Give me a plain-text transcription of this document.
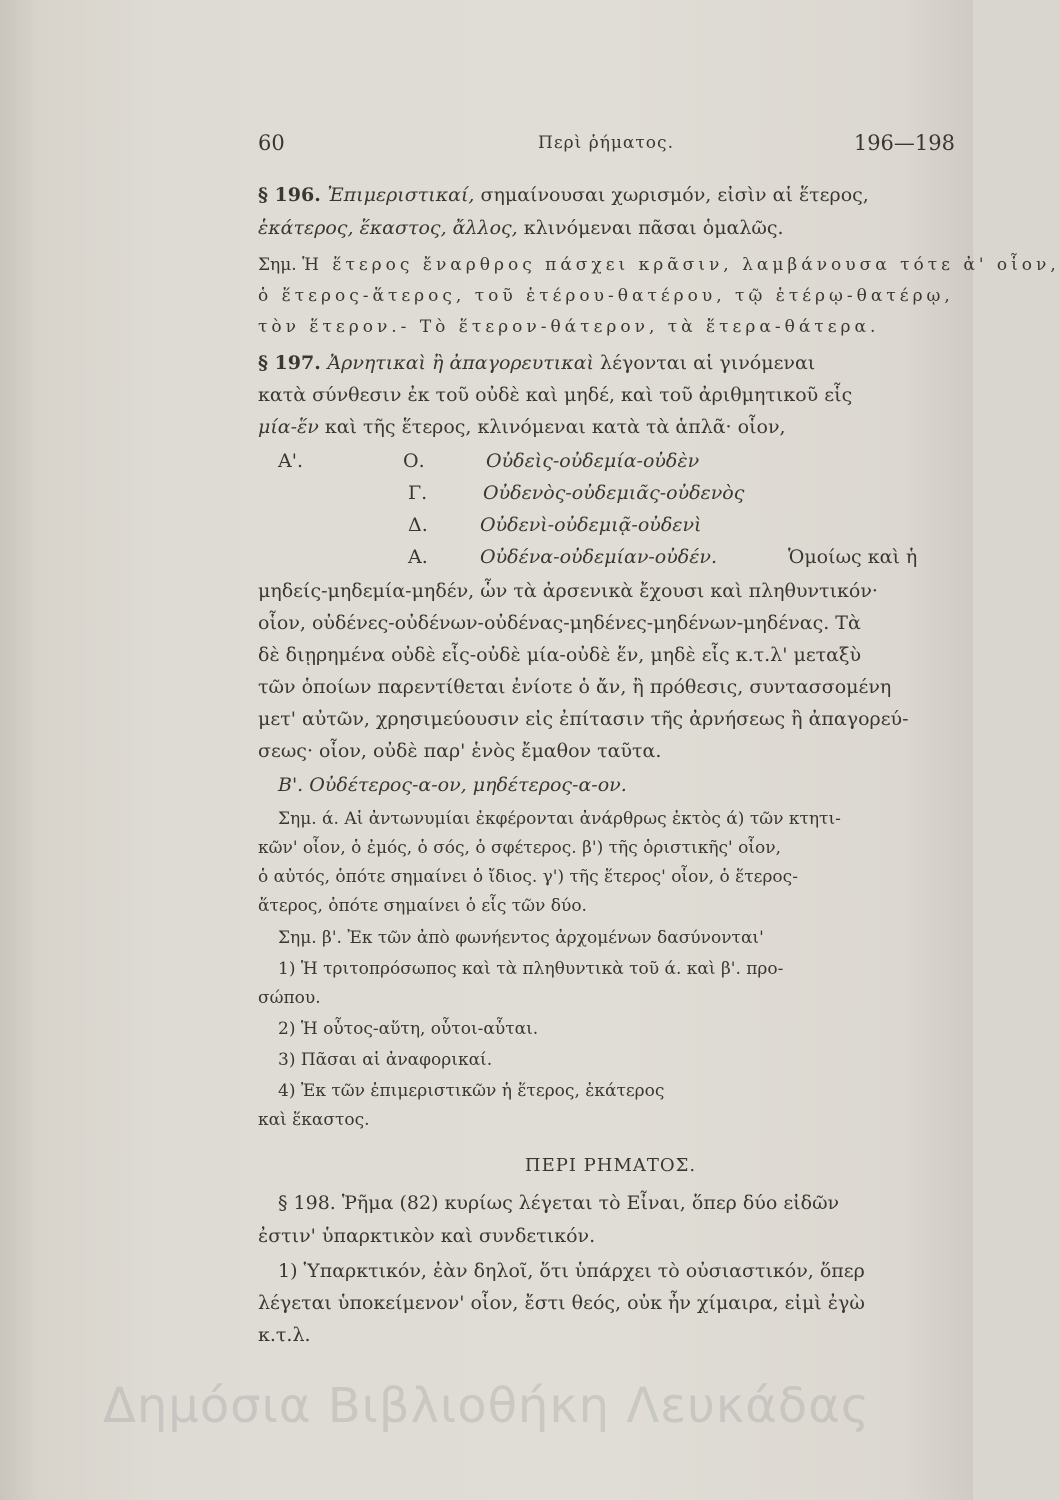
60	Περὶ ῥήματος.	196—198
§ 196. Ἐπιμεριστικαί, σημαίνουσαι χωρισμόν, εἰσὶν αἱ ἕτερος,
ἑκάτερος, ἕκαστος, ἄλλος, κλινόμεναι πᾶσαι ὁμαλῶς.
Σημ. Ἡ ἕτερος ἔναρθρος πάσχει κρᾶσιν, λαμβάνουσα τότε ἀ' οἷον,
ὁ ἕτερος-ἅτερος, τοῦ ἑτέρου-θατέρου, τῷ ἑτέρῳ-θατέρῳ,
τὸν ἕτερον.- Τὸ ἕτερον-θάτερον, τὰ ἕτερα-θάτερα.
§ 197. Ἀρνητικαὶ ἢ ἀπαγορευτικαὶ λέγονται αἱ γινόμεναι
κατὰ σύνθεσιν ἐκ τοῦ οὐδὲ καὶ μηδέ, καὶ τοῦ ἀριθμητικοῦ εἷς
μία-ἕν καὶ τῆς ἕτερος, κλινόμεναι κατὰ τὰ ἁπλᾶ· οἷον,
Α'.	Ο.	Οὐδεὶς-οὐδεμία-οὐδὲν
Γ.	Οὐδενὸς-οὐδεμιᾶς-οὐδενὸς
Δ.	Οὐδενὶ-οὐδεμιᾷ-οὐδενὶ
Α.	Οὐδένα-οὐδεμίαν-οὐδέν.	Ὁμοίως καὶ ἡ
μηδείς-μηδεμία-μηδέν, ὧν τὰ ἀρσενικὰ ἔχουσι καὶ πληθυντικόν·
οἷον, οὐδένες-οὐδένων-οὐδένας-μηδένες-μηδένων-μηδένας. Τὰ
δὲ διῃρημένα οὐδὲ εἷς-οὐδὲ μία-οὐδὲ ἕν, μηδὲ εἷς κ.τ.λ' μεταξὺ
τῶν ὁποίων παρεντίθεται ἐνίοτε ὁ ἄν, ἢ πρόθεσις, συντασσομένη
μετ' αὐτῶν, χρησιμεύουσιν εἰς ἐπίτασιν τῆς ἀρνήσεως ἢ ἀπαγορεύ-
σεως· οἷον, οὐδὲ παρ' ἑνὸς ἔμαθον ταῦτα.
Β'. Οὐδέτερος-α-ον, μηδέτερος-α-ον.
Σημ. ά. Αἱ ἀντωνυμίαι ἐκφέρονται ἀνάρθρως ἐκτὸς ά) τῶν κτητι-
κῶν' οἷον, ὁ ἐμός, ὁ σός, ὁ σφέτερος. β') τῆς ὁριστικῆς' οἷον,
ὁ αὐτός, ὁπότε σημαίνει ὁ ἴδιος. γ') τῆς ἕτερος' οἷον, ὁ ἕτερος-
ἅτερος, ὁπότε σημαίνει ὁ εἷς τῶν δύο.
Σημ. β'. Ἐκ τῶν ἀπὸ φωνήεντος ἀρχομένων δασύνονται'
1) Ἡ τριτοπρόσωπος καὶ τὰ πληθυντικὰ τοῦ ά. καὶ β'. προ-
σώπου.
2) Ἡ οὗτος-αὕτη, οὗτοι-αὗται.
3) Πᾶσαι αἱ ἀναφορικαί.
4) Ἐκ τῶν ἐπιμεριστικῶν ἡ ἕτερος, ἑκάτερος
καὶ ἕκαστος.
ΠΕΡΙ ΡΗΜΑΤΟΣ.
§ 198. Ῥῆμα (82) κυρίως λέγεται τὸ Εἶναι, ὅπερ δύο εἰδῶν
ἐστιν' ὑπαρκτικὸν καὶ συνδετικόν.
1) Ὑπαρκτικόν, ἐὰν δηλοῖ, ὅτι ὑπάρχει τὸ οὐσιαστικόν, ὅπερ
λέγεται ὑποκείμενον' οἷον, ἔστι θεός, οὐκ ἦν χίμαιρα, εἰμὶ ἐγὼ
κ.τ.λ.
Δημόσια Βιβλιοθήκη Λευκάδας
